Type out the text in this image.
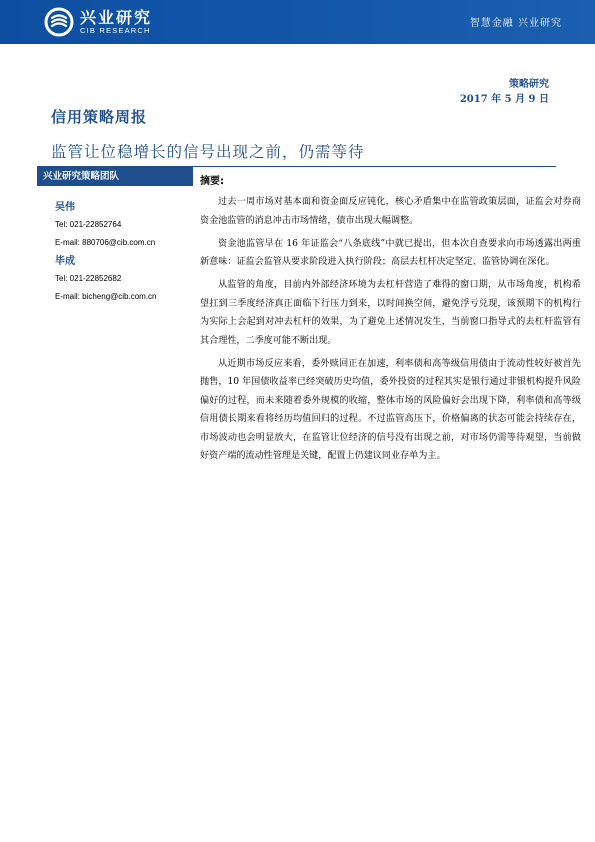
兴业研究
CIB RESEARCH
智慧金融 兴业研究
策略研究
2017 年 5 月 9 日
信用策略周报
监管让位稳增长的信号出现之前，仍需等待
兴业研究策略团队
吴伟
Tel: 021-22852764
E-mail: 880706@cib.com.cn
毕成
Tel: 021-22852682
E-mail: bicheng@cib.com.cn
摘要:

过去一周市场对基本面和资金面反应钝化，核心矛盾集中在监管政策层面，证监会对券商资金池监管的消息冲击市场情绪，债市出现大幅调整。

资金池监管早在 16 年证监会“八条底线”中就已提出，但本次自查要求向市场透露出两重新意味：证监会监管从要求阶段进入执行阶段；高层去杠杆决定坚定、监管协调在深化。

从监管的角度，目前内外部经济环境为去杠杆营造了难得的窗口期，从市场角度，机构希望扛到三季度经济真正面临下行压力到来，以时间换空间，避免浮亏兑现，该预期下的机构行为实际上会起到对冲去杠杆的效果，为了避免上述情况发生，当前窗口指导式的去杠杆监管有其合理性，二季度可能不断出现。

从近期市场反应来看，委外赎回正在加速，利率债和高等级信用债由于流动性较好被首先抛售，10 年国债收益率已经突破历史均值，委外投资的过程其实是银行通过非银机构提升风险偏好的过程，而未来随着委外规模的收缩，整体市场的风险偏好会出现下降，利率债和高等级信用债长期来看将经历均值回归的过程。不过监管高压下，价格偏离的状态可能会持续存在，市场波动也会明显放大，在监管让位经济的信号没有出现之前，对市场仍需等待观望，当前做好资产端的流动性管理是关键，配置上仍建议同业存单为主。
